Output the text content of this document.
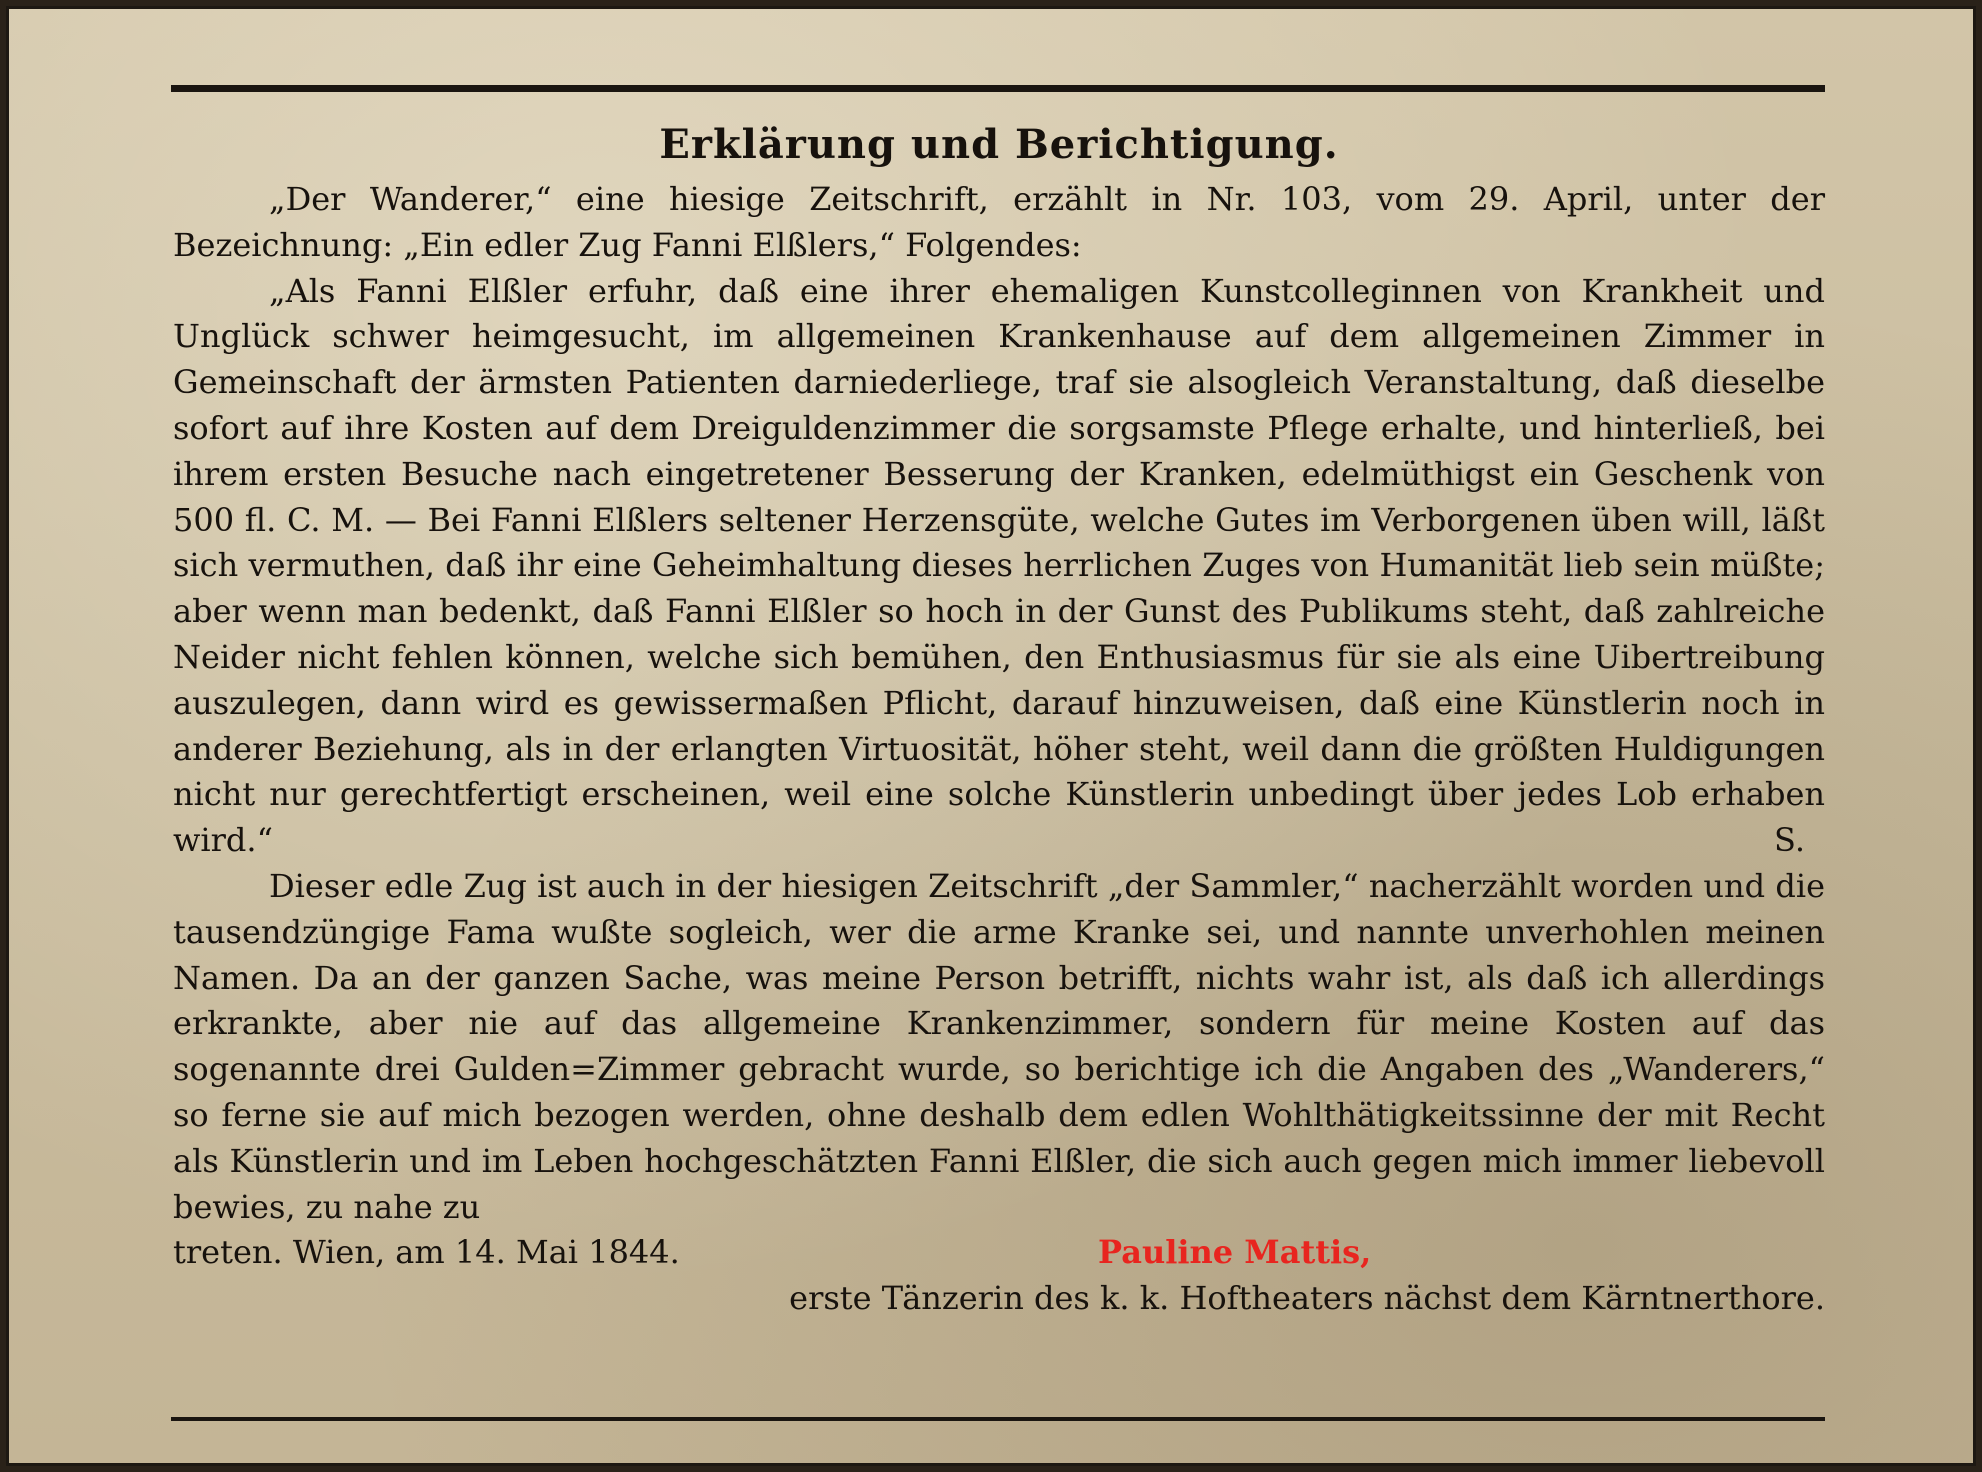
Erklärung und Berichtigung.

„Der Wanderer,“ eine hiesige Zeitschrift, erzählt in Nr. 103, vom 29. April, unter der Bezeichnung: „Ein edler Zug Fanni Elßlers,“ Folgendes:

„Als Fanni Elßler erfuhr, daß eine ihrer ehemaligen Kunstcolleginnen von Krankheit und Unglück schwer heimgesucht, im allgemeinen Krankenhause auf dem allgemeinen Zimmer in Gemeinschaft der ärmsten Patienten darniederliege, traf sie alsogleich Veranstaltung, daß dieselbe sofort auf ihre Kosten auf dem Dreiguldenzimmer die sorgsamste Pflege erhalte, und hinterließ, bei ihrem ersten Besuche nach eingetretener Besserung der Kranken, edelmüthigst ein Geschenk von 500 fl. C. M. — Bei Fanni Elßlers seltener Herzensgüte, welche Gutes im Verborgenen üben will, läßt sich vermuthen, daß ihr eine Geheimhaltung dieses herrlichen Zuges von Humanität lieb sein müßte; aber wenn man bedenkt, daß Fanni Elßler so hoch in der Gunst des Publikums steht, daß zahlreiche Neider nicht fehlen können, welche sich bemühen, den Enthusiasmus für sie als eine Uibertreibung auszulegen, dann wird es gewissermaßen Pflicht, darauf hinzuweisen, daß eine Künstlerin noch in anderer Beziehung, als in der erlangten Virtuosität, höher steht, weil dann die größten Huldigungen nicht nur gerechtfertigt erscheinen, weil eine solche Künstlerin unbedingt über jedes Lob erhaben wird.“	S.

Dieser edle Zug ist auch in der hiesigen Zeitschrift „der Sammler,“ nacherzählt worden und die tausendzüngige Fama wußte sogleich, wer die arme Kranke sei, und nannte unverhohlen meinen Namen. Da an der ganzen Sache, was meine Person betrifft, nichts wahr ist, als daß ich allerdings erkrankte, aber nie auf das allgemeine Krankenzimmer, sondern für meine Kosten auf das sogenannte drei Gulden=Zimmer gebracht wurde, so berichtige ich die Angaben des „Wanderers,“ so ferne sie auf mich bezogen werden, ohne deshalb dem edlen Wohlthätigkeitssinne der mit Recht als Künstlerin und im Leben hochgeschätzten Fanni Elßler, die sich auch gegen mich immer liebevoll bewies, zu nahe zu

treten. Wien, am 14. Mai 1844.	Pauline Mattis,

erste Tänzerin des k. k. Hoftheaters nächst dem Kärntnerthore.
